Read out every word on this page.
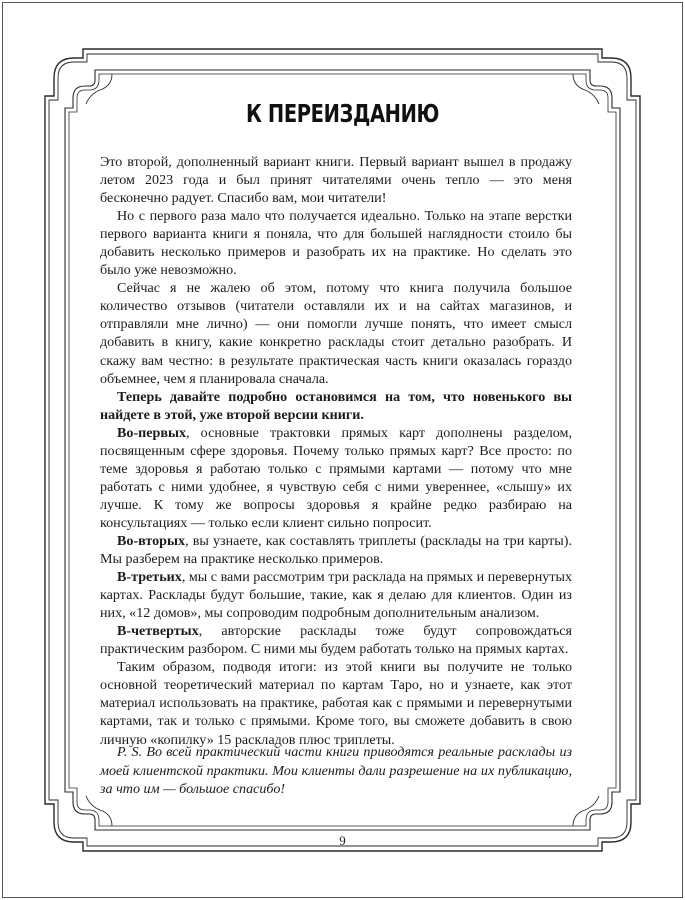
К ПЕРЕИЗДАНИЮ

Это второй, дополненный вариант книги. Первый вариант вышел в продажу летом 2023 года и был принят читателями очень тепло — это меня бесконечно радует. Спасибо вам, мои читатели!

Но с первого раза мало что получается идеально. Только на этапе верстки первого варианта книги я поняла, что для большей наглядности стоило бы добавить несколько примеров и разобрать их на практике. Но сделать это было уже невозможно.

Сейчас я не жалею об этом, потому что книга получила большое количество отзывов (читатели оставляли их и на сайтах магазинов, и отправляли мне лично) — они помогли лучше понять, что имеет смысл добавить в книгу, какие конкретно расклады стоит детально разобрать. И скажу вам честно: в результате практическая часть книги оказалась гораздо объемнее, чем я планировала сначала.

Теперь давайте подробно остановимся на том, что новенького вы найдете в этой, уже второй версии книги.

Во-первых, основные трактовки прямых карт дополнены разделом, посвященным сфере здоровья. Почему только прямых карт? Все просто: по теме здоровья я работаю только с прямыми картами — потому что мне работать с ними удобнее, я чувствую себя с ними увереннее, «слышу» их лучше. К тому же вопросы здоровья я крайне редко разбираю на консультациях — только если клиент сильно попросит.

Во-вторых, вы узнаете, как составлять триплеты (расклады на три карты). Мы разберем на практике несколько примеров.

В-третьих, мы с вами рассмотрим три расклада на прямых и перевернутых картах. Расклады будут большие, такие, как я делаю для клиентов. Один из них, «12 домов», мы сопроводим подробным дополнительным анализом.

В-четвертых, авторские расклады тоже будут сопровождаться практическим разбором. С ними мы будем работать только на прямых картах.

Таким образом, подводя итоги: из этой книги вы получите не только основной теоретический материал по картам Таро, но и узнаете, как этот материал использовать на практике, работая как с прямыми и перевернутыми картами, так и только с прямыми. Кроме того, вы сможете добавить в свою личную «копилку» 15 раскладов плюс триплеты.

P. S. Во всей практический части книги приводятся реальные расклады из моей клиентской практики. Мои клиенты дали разрешение на их публикацию, за что им — большое спасибо!
9
